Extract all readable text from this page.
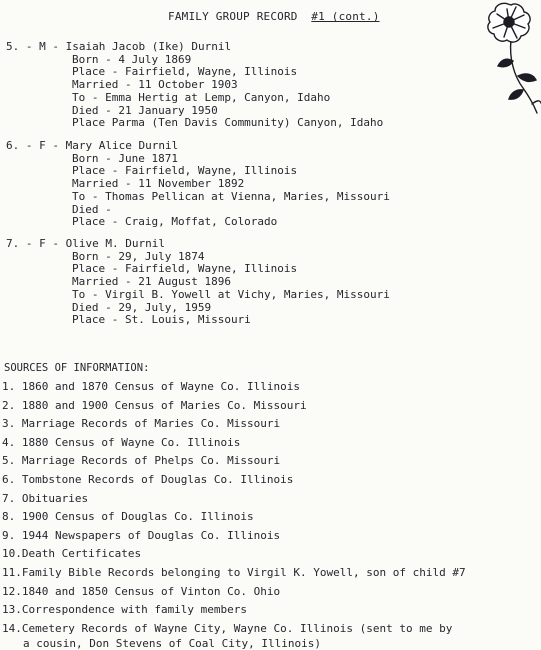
FAMILY GROUP RECORD #1 (cont.)
5. - M - Isaiah Jacob (Ike) Durnil
Born - 4 July 1869
Place - Fairfield, Wayne, Illinois
Married - 11 October 1903
To - Emma Hertig at Lemp, Canyon, Idaho
Died - 21 January 1950
Place Parma (Ten Davis Community) Canyon, Idaho
6. - F - Mary Alice Durnil
Born - June 1871
Place - Fairfield, Wayne, Illinois
Married - 11 November 1892
To - Thomas Pellican at Vienna, Maries, Missouri
Died -
Place - Craig, Moffat, Colorado
7. - F - Olive M. Durnil
Born - 29, July 1874
Place - Fairfield, Wayne, Illinois
Married - 21 August 1896
To - Virgil B. Yowell at Vichy, Maries, Missouri
Died - 29, July, 1959
Place - St. Louis, Missouri
SOURCES OF INFORMATION:
1. 1860 and 1870 Census of Wayne Co. Illinois
2. 1880 and 1900 Census of Maries Co. Missouri
3. Marriage Records of Maries Co. Missouri
4. 1880 Census of Wayne Co. Illinois
5. Marriage Records of Phelps Co. Missouri
6. Tombstone Records of Douglas Co. Illinois
7. Obituaries
8. 1900 Census of Douglas Co. Illinois
9. 1944 Newspapers of Douglas Co. Illinois
10.Death Certificates
11.Family Bible Records belonging to Virgil K. Yowell, son of child #7
12.1840 and 1850 Census of Vinton Co. Ohio
13.Correspondence with family members
14.Cemetery Records of Wayne City, Wayne Co. Illinois (sent to me by
a cousin, Don Stevens of Coal City, Illinois)
